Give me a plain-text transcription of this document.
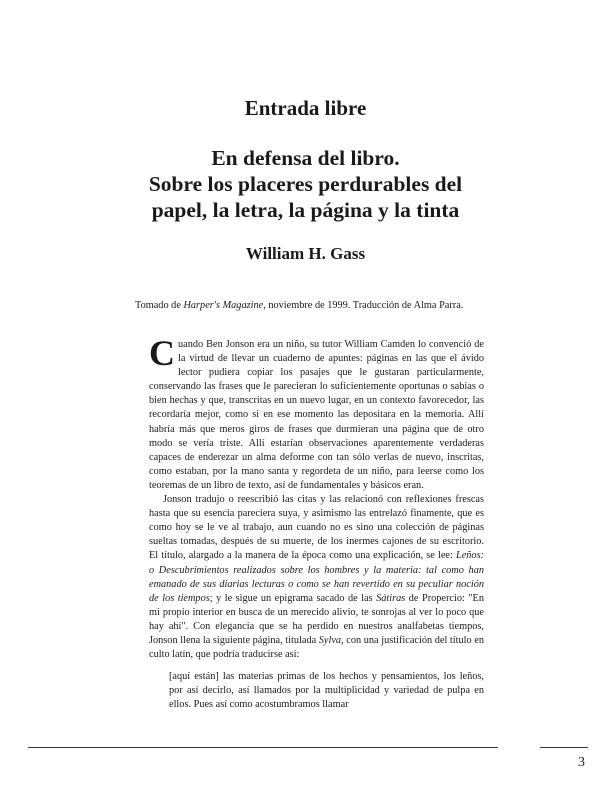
Entrada libre
En defensa del libro.
Sobre los placeres perdurables del
papel, la letra, la página y la tinta
William H. Gass
Tomado de Harper's Magazine, noviembre de 1999. Traducción de Alma Parra.

Cuando Ben Jonson era un niño, su tutor William Camden lo convenció de la virtud de llevar un cuaderno de apuntes: páginas en las que el ávido lector pudiera copiar los pasajes que le gustaran particularmente, conservando las frases que le parecieran lo suficientemente oportunas o sabias o bien hechas y que, transcritas en un nuevo lugar, en un contexto favorecedor, las recordaría mejor, como si en ese momento las depositara en la memoria. Allí habría más que meros giros de frases que durmieran una página que de otro modo se vería triste. Allí estarían observaciones aparentemente verdaderas capaces de enderezar un alma deforme con tan sólo verlas de nuevo, inscritas, como estaban, por la mano santa y regordeta de un niño, para leerse como los teoremas de un libro de texto, así de fundamentales y básicos eran.

Jonson tradujo o reescribió las citas y las relacionó con reflexiones frescas hasta que su esencia pareciera suya, y asimismo las entrelazó finamente, que es como hoy se le ve al trabajo, aun cuando no es sino una colección de páginas sueltas tomadas, después de su muerte, de los inermes cajones de su escritorio. El título, alargado a la manera de la época como una explicación, se lee: Leños: o Descubrimientos realizados sobre los hombres y la materia: tal como han emanado de sus diarias lecturas o como se han revertido en su peculiar noción de los tiempos; y le sigue un epigrama sacado de las Sátiras de Propercio: "En mi propio interior en busca de un merecido alivio, te sonrojas al ver lo poco que hay ahí". Con elegancia que se ha perdido en nuestros analfabetas tiempos, Jonson llena la siguiente página, titulada Sylva, con una justificación del título en culto latín, que podría traducirse así:

[aquí están] las materias primas de los hechos y pensamientos, los leños, por así decirlo, así llamados por la multiplicidad y variedad de pulpa en ellos. Pues así como acostumbramos llamar

3
